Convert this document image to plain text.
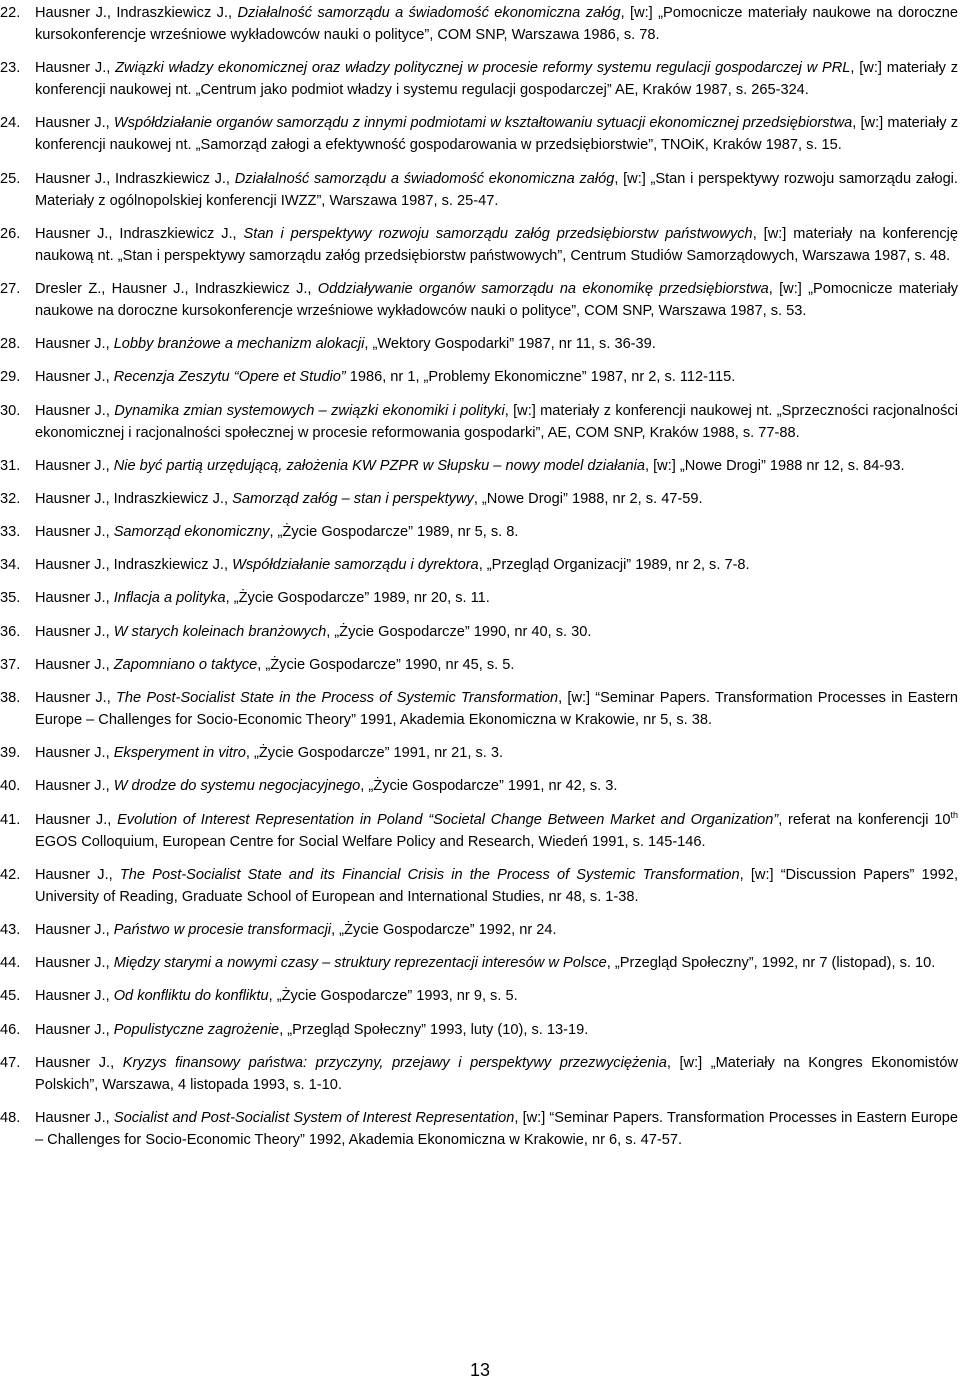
22.	Hausner J., Indraszkiewicz J., Działalność samorządu a świadomość ekonomiczna załóg, [w:] „Pomocnicze materiały naukowe na doroczne kursokonferencje wrześniowe wykładowców nauki o polityce”, COM SNP, Warszawa 1986, s. 78.
23.	Hausner J., Związki władzy ekonomicznej oraz władzy politycznej w procesie reformy systemu regulacji gospodarczej w PRL, [w:] materiały z konferencji naukowej nt. „Centrum jako podmiot władzy i systemu regulacji gospodarczej” AE, Kraków 1987, s. 265-324.
24.	Hausner J., Współdziałanie organów samorządu z innymi podmiotami w kształtowaniu sytuacji ekonomicznej przedsiębiorstwa, [w:] materiały z konferencji naukowej nt. „Samorząd załogi a efektywność gospodarowania w przedsiębiorstwie”, TNOiK, Kraków 1987, s. 15.
25.	Hausner J., Indraszkiewicz J., Działalność samorządu a świadomość ekonomiczna załóg, [w:] „Stan i perspektywy rozwoju samorządu załogi. Materiały z ogólnopolskiej konferencji IWZZ”, Warszawa 1987, s. 25-47.
26.	Hausner J., Indraszkiewicz J., Stan i perspektywy rozwoju samorządu załóg przedsiębiorstw państwowych, [w:] materiały na konferencję naukową nt. „Stan i perspektywy samorządu załóg przedsiębiorstw państwowych”, Centrum Studiów Samorządowych, Warszawa 1987, s. 48.
27.	Dresler Z., Hausner J., Indraszkiewicz J., Oddziaływanie organów samorządu na ekonomikę przedsiębiorstwa, [w:] „Pomocnicze materiały naukowe na doroczne kursokonferencje wrześniowe wykładowców nauki o polityce”, COM SNP, Warszawa 1987, s. 53.
28.	Hausner J., Lobby branżowe a mechanizm alokacji, „Wektory Gospodarki” 1987, nr 11, s. 36-39.
29.	Hausner J., Recenzja Zeszytu “Opere et Studio” 1986, nr 1, „Problemy Ekonomiczne” 1987, nr 2, s. 112-115.
30.	Hausner J., Dynamika zmian systemowych – związki ekonomiki i polityki, [w:] materiały z konferencji naukowej nt. „Sprzeczności racjonalności ekonomicznej i racjonalności społecznej w procesie reformowania gospodarki”, AE, COM SNP, Kraków 1988, s. 77-88.
31.	Hausner J., Nie być partią urzędującą, założenia KW PZPR w Słupsku – nowy model działania, [w:] „Nowe Drogi” 1988 nr 12, s. 84-93.
32.	Hausner J., Indraszkiewicz J., Samorząd załóg – stan i perspektywy, „Nowe Drogi” 1988, nr 2, s. 47-59.
33.	Hausner J., Samorząd ekonomiczny, „Życie Gospodarcze” 1989, nr 5, s. 8.
34.	Hausner J., Indraszkiewicz J., Współdziałanie samorządu i dyrektora, „Przegląd Organizacji” 1989, nr 2, s. 7-8.
35.	Hausner J., Inflacja a polityka, „Życie Gospodarcze” 1989, nr 20, s. 11.
36.	Hausner J., W starych koleinach branżowych, „Życie Gospodarcze” 1990, nr 40, s. 30.
37.	Hausner J., Zapomniano o taktyce, „Życie Gospodarcze” 1990, nr 45, s. 5.
38.	Hausner J., The Post-Socialist State in the Process of Systemic Transformation, [w:] “Seminar Papers. Transformation Processes in Eastern Europe – Challenges for Socio-Economic Theory” 1991, Akademia Ekonomiczna w Krakowie, nr 5, s. 38.
39.	Hausner J., Eksperyment in vitro, „Życie Gospodarcze” 1991, nr 21, s. 3.
40.	Hausner J., W drodze do systemu negocjacyjnego, „Życie Gospodarcze” 1991, nr 42, s. 3.
41.	Hausner J., Evolution of Interest Representation in Poland “Societal Change Between Market and Organization”, referat na konferencji 10th EGOS Colloquium, European Centre for Social Welfare Policy and Research, Wiedeń 1991, s. 145-146.
42.	Hausner J., The Post-Socialist State and its Financial Crisis in the Process of Systemic Transformation, [w:] “Discussion Papers” 1992, University of Reading, Graduate School of European and International Studies, nr 48, s. 1-38.
43.	Hausner J., Państwo w procesie transformacji, „Życie Gospodarcze” 1992, nr 24.
44.	Hausner J., Między starymi a nowymi czasy – struktury reprezentacji interesów w Polsce, „Przegląd Społeczny”, 1992, nr 7 (listopad), s. 10.
45.	Hausner J., Od konfliktu do konfliktu, „Życie Gospodarcze” 1993, nr 9, s. 5.
46.	Hausner J., Populistyczne zagrożenie, „Przegląd Społeczny” 1993, luty (10), s. 13-19.
47.	Hausner J., Kryzys finansowy państwa: przyczyny, przejawy i perspektywy przezwyciężenia, [w:] „Materiały na Kongres Ekonomistów Polskich”, Warszawa, 4 listopada 1993, s. 1-10.
48.	Hausner J., Socialist and Post-Socialist System of Interest Representation, [w:] “Seminar Papers. Transformation Processes in Eastern Europe – Challenges for Socio-Economic Theory” 1992, Akademia Ekonomiczna w Krakowie, nr 6, s. 47-57.
13
